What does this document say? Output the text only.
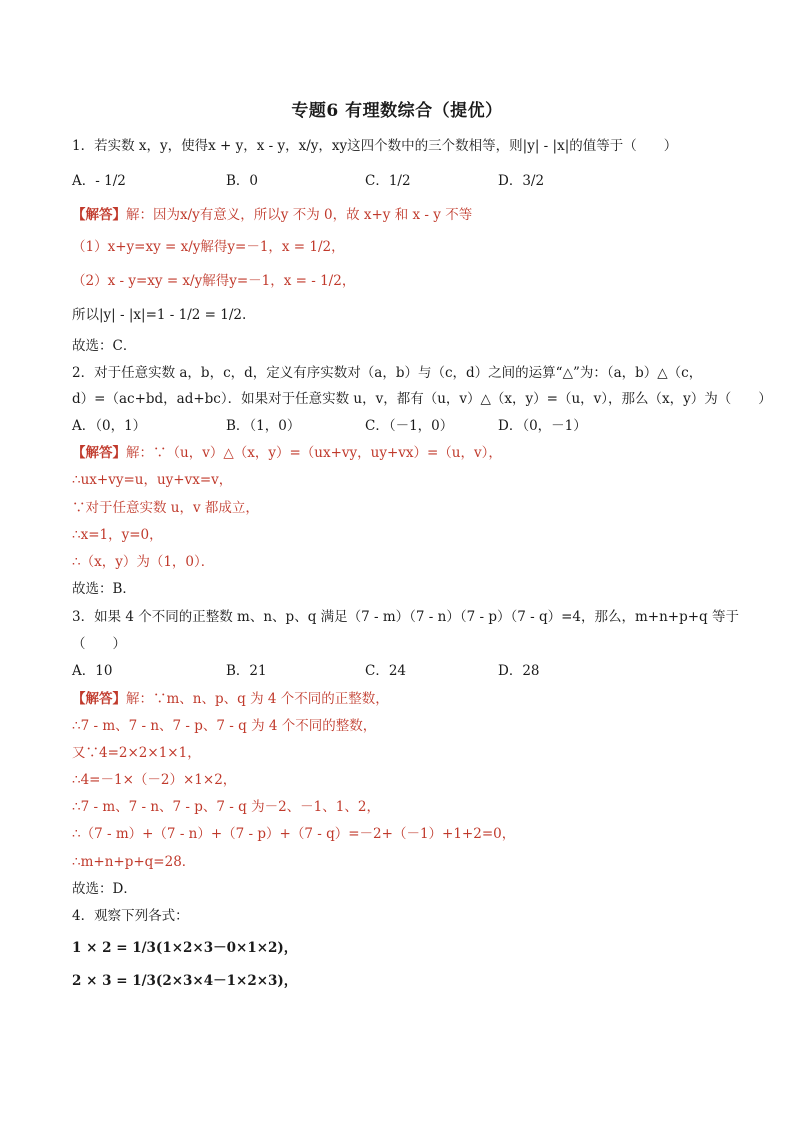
专题6 有理数综合（提优）
1．若实数 x，y，使得x + y，x - y，x/y，xy这四个数中的三个数相等，则|y| - |x|的值等于（　　）
A．- 1/2	B．0	C．1/2	D．3/2
【解答】解：因为x/y有意义，所以y 不为 0，故 x+y 和 x - y 不等
（1）x+y=xy = x/y解得y=－1，x = 1/2，
（2）x - y=xy = x/y解得y=－1，x = - 1/2，
所以|y| - |x|=1 - 1/2 = 1/2.
故选：C．
2．对于任意实数 a，b，c，d，定义有序实数对（a，b）与（c，d）之间的运算“△”为：（a，b）△（c，
d）=（ac+bd，ad+bc）．如果对于任意实数 u，v，都有（u，v）△（x，y）=（u，v），那么（x，y）为（　　）
A．（0，1）	B．（1，0）	C．（－1，0）	D．（0，－1）
【解答】解：∵（u，v）△（x，y）=（ux+vy，uy+vx）=（u，v），
∴ux+vy=u，uy+vx=v，
∵对于任意实数 u，v 都成立，
∴x=1，y=0，
∴（x，y）为（1，0）．
故选：B．
3．如果 4 个不同的正整数 m、n、p、q 满足（7 - m）（7 - n）（7 - p）（7 - q）=4，那么，m+n+p+q 等于
（　　）
A．10	B．21	C．24	D．28
【解答】解：∵m、n、p、q 为 4 个不同的正整数，
∴7 - m、7 - n、7 - p、7 - q 为 4 个不同的整数，
又∵4=2×2×1×1，
∴4=－1×（－2）×1×2，
∴7 - m、7 - n、7 - p、7 - q 为－2、－1、1、2，
∴（7 - m）+（7 - n）+（7 - p）+（7 - q）=－2+（－1）+1+2=0，
∴m+n+p+q=28．
故选：D．
4．观察下列各式：
1 × 2 = 1/3(1×2×3－0×1×2)，
2 × 3 = 1/3(2×3×4－1×2×3)，
